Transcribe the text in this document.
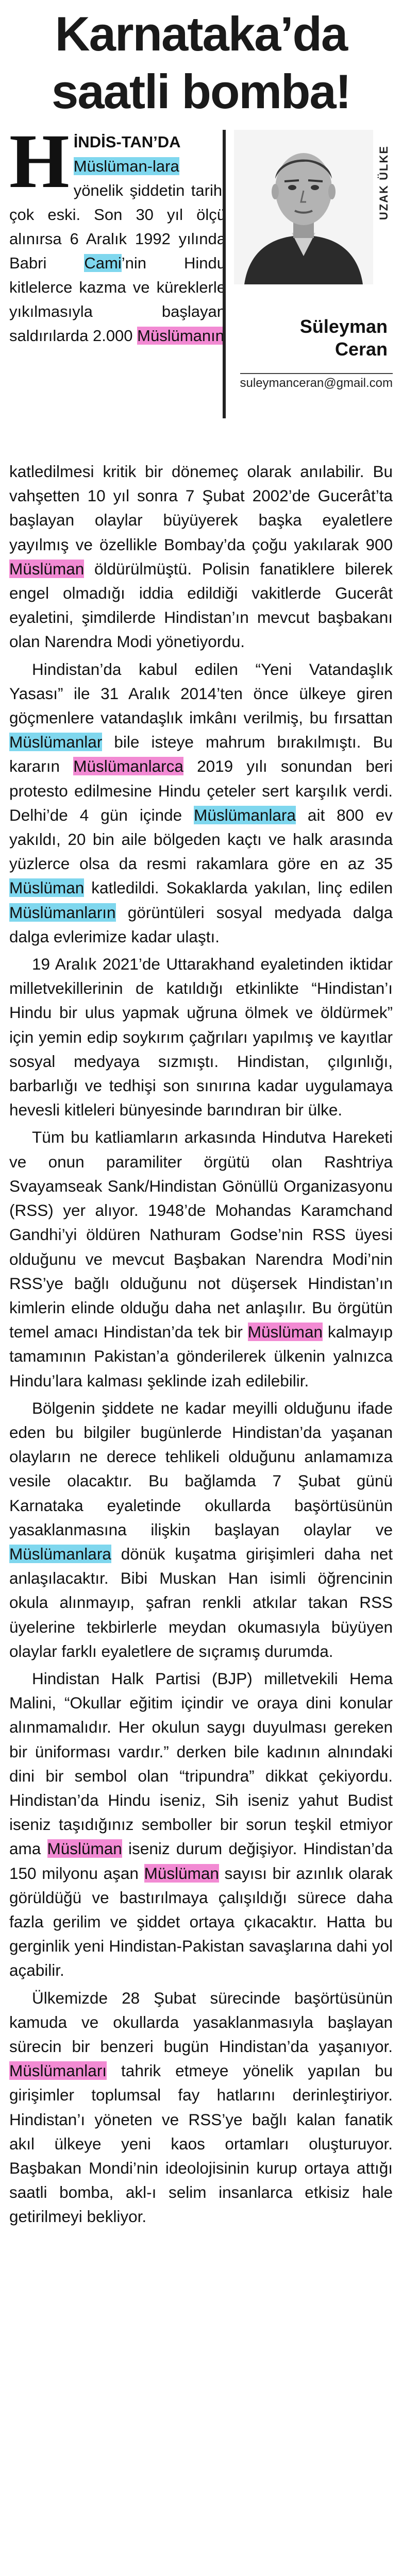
Karnataka’da
saatli bomba!
H İNDİS-TAN’DA Müslüman-lara yönelik şiddetin tarihi çok eski. Son 30 yıl ölçü alınırsa 6 Aralık 1992 yılında Babri Cami’nin Hindu kitlelerce kazma ve küreklerle yıkılmasıyla başlayan saldırılarda 2.000 Müslümanın
UZAK ÜLKE
Süleyman
Ceran
suleymanceran@gmail.com

katledilmesi kritik bir dönemeç olarak anılabilir. Bu vahşetten 10 yıl sonra 7 Şubat 2002’de Gucerât’ta başlayan olaylar büyüyerek başka eyaletlere yayılmış ve özellikle Bombay’da çoğu yakılarak 900 Müslüman öldürülmüştü. Polisin fanatiklere bilerek engel olmadığı iddia edildiği vakitlerde Gucerât eyaletini, şimdilerde Hindistan’ın mevcut başbakanı olan Narendra Modi yönetiyordu.

Hindistan’da kabul edilen “Yeni Vatandaşlık Yasası” ile 31 Aralık 2014’ten önce ülkeye giren göçmenlere vatandaşlık imkânı verilmiş, bu fırsattan Müslümanlar bile isteye mahrum bırakılmıştı. Bu kararın Müslümanlarca 2019 yılı sonundan beri protesto edilmesine Hindu çeteler sert karşılık verdi. Delhi’de 4 gün içinde Müslümanlara ait 800 ev yakıldı, 20 bin aile bölgeden kaçtı ve halk arasında yüzlerce olsa da resmi rakamlara göre en az 35 Müslüman katledildi. Sokaklarda yakılan, linç edilen Müslümanların görüntüleri sosyal medyada dalga dalga evlerimize kadar ulaştı.

19 Aralık 2021’de Uttarakhand eyaletinden iktidar milletvekillerinin de katıldığı etkinlikte “Hindistan’ı Hindu bir ulus yapmak uğruna ölmek ve öldürmek” için yemin edip soykırım çağrıları yapılmış ve kayıtlar sosyal medyaya sızmıştı. Hindistan, çılgınlığı, barbarlığı ve tedhişi son sınırına kadar uygulamaya hevesli kitleleri bünyesinde barındıran bir ülke.

Tüm bu katliamların arkasında Hindutva Hareketi ve onun paramiliter örgütü olan Rashtriya Svayamseak Sank/Hindistan Gönüllü Organizasyonu (RSS) yer alıyor. 1948’de Mohandas Karamchand Gandhi’yi öldüren Nathuram Godse’nin RSS üyesi olduğunu ve mevcut Başbakan Narendra Modi’nin RSS’ye bağlı olduğunu not düşersek Hindistan’ın kimlerin elinde olduğu daha net anlaşılır. Bu örgütün temel amacı Hindistan’da tek bir Müslüman kalmayıp tamamının Pakistan’a gönderilerek ülkenin yalnızca Hindu’lara kalması şeklinde izah edilebilir.

Bölgenin şiddete ne kadar meyilli olduğunu ifade eden bu bilgiler bugünlerde Hindistan’da yaşanan olayların ne derece tehlikeli olduğunu anlamamıza vesile olacaktır. Bu bağlamda 7 Şubat günü Karnataka eyaletinde okullarda başörtüsünün yasaklanmasına ilişkin başlayan olaylar ve Müslümanlara dönük kuşatma girişimleri daha net anlaşılacaktır. Bibi Muskan Han isimli öğrencinin okula alınmayıp, şafran renkli atkılar takan RSS üyelerine tekbirlerle meydan okumasıyla büyüyen olaylar farklı eyaletlere de sıçramış durumda.

Hindistan Halk Partisi (BJP) milletvekili Hema Malini, “Okullar eğitim içindir ve oraya dini konular alınmamalıdır. Her okulun saygı duyulması gereken bir üniforması vardır.” derken bile kadının alnındaki dini bir sembol olan “tripundra” dikkat çekiyordu. Hindistan’da Hindu iseniz, Sih iseniz yahut Budist iseniz taşıdığınız semboller bir sorun teşkil etmiyor ama Müslüman iseniz durum değişiyor. Hindistan’da 150 milyonu aşan Müslüman sayısı bir azınlık olarak görüldüğü ve bastırılmaya çalışıldığı sürece daha fazla gerilim ve şiddet ortaya çıkacaktır. Hatta bu gerginlik yeni Hindistan-Pakistan savaşlarına dahi yol açabilir.

Ülkemizde 28 Şubat sürecinde başörtüsünün kamuda ve okullarda yasaklanmasıyla başlayan sürecin bir benzeri bugün Hindistan’da yaşanıyor. Müslümanları tahrik etmeye yönelik yapılan bu girişimler toplumsal fay hatlarını derinleştiriyor. Hindistan’ı yöneten ve RSS’ye bağlı kalan fanatik akıl ülkeye yeni kaos ortamları oluşturuyor. Başbakan Mondi’nin ideolojisinin kurup ortaya attığı saatli bomba, akl-ı selim insanlarca etkisiz hale getirilmeyi bekliyor.
